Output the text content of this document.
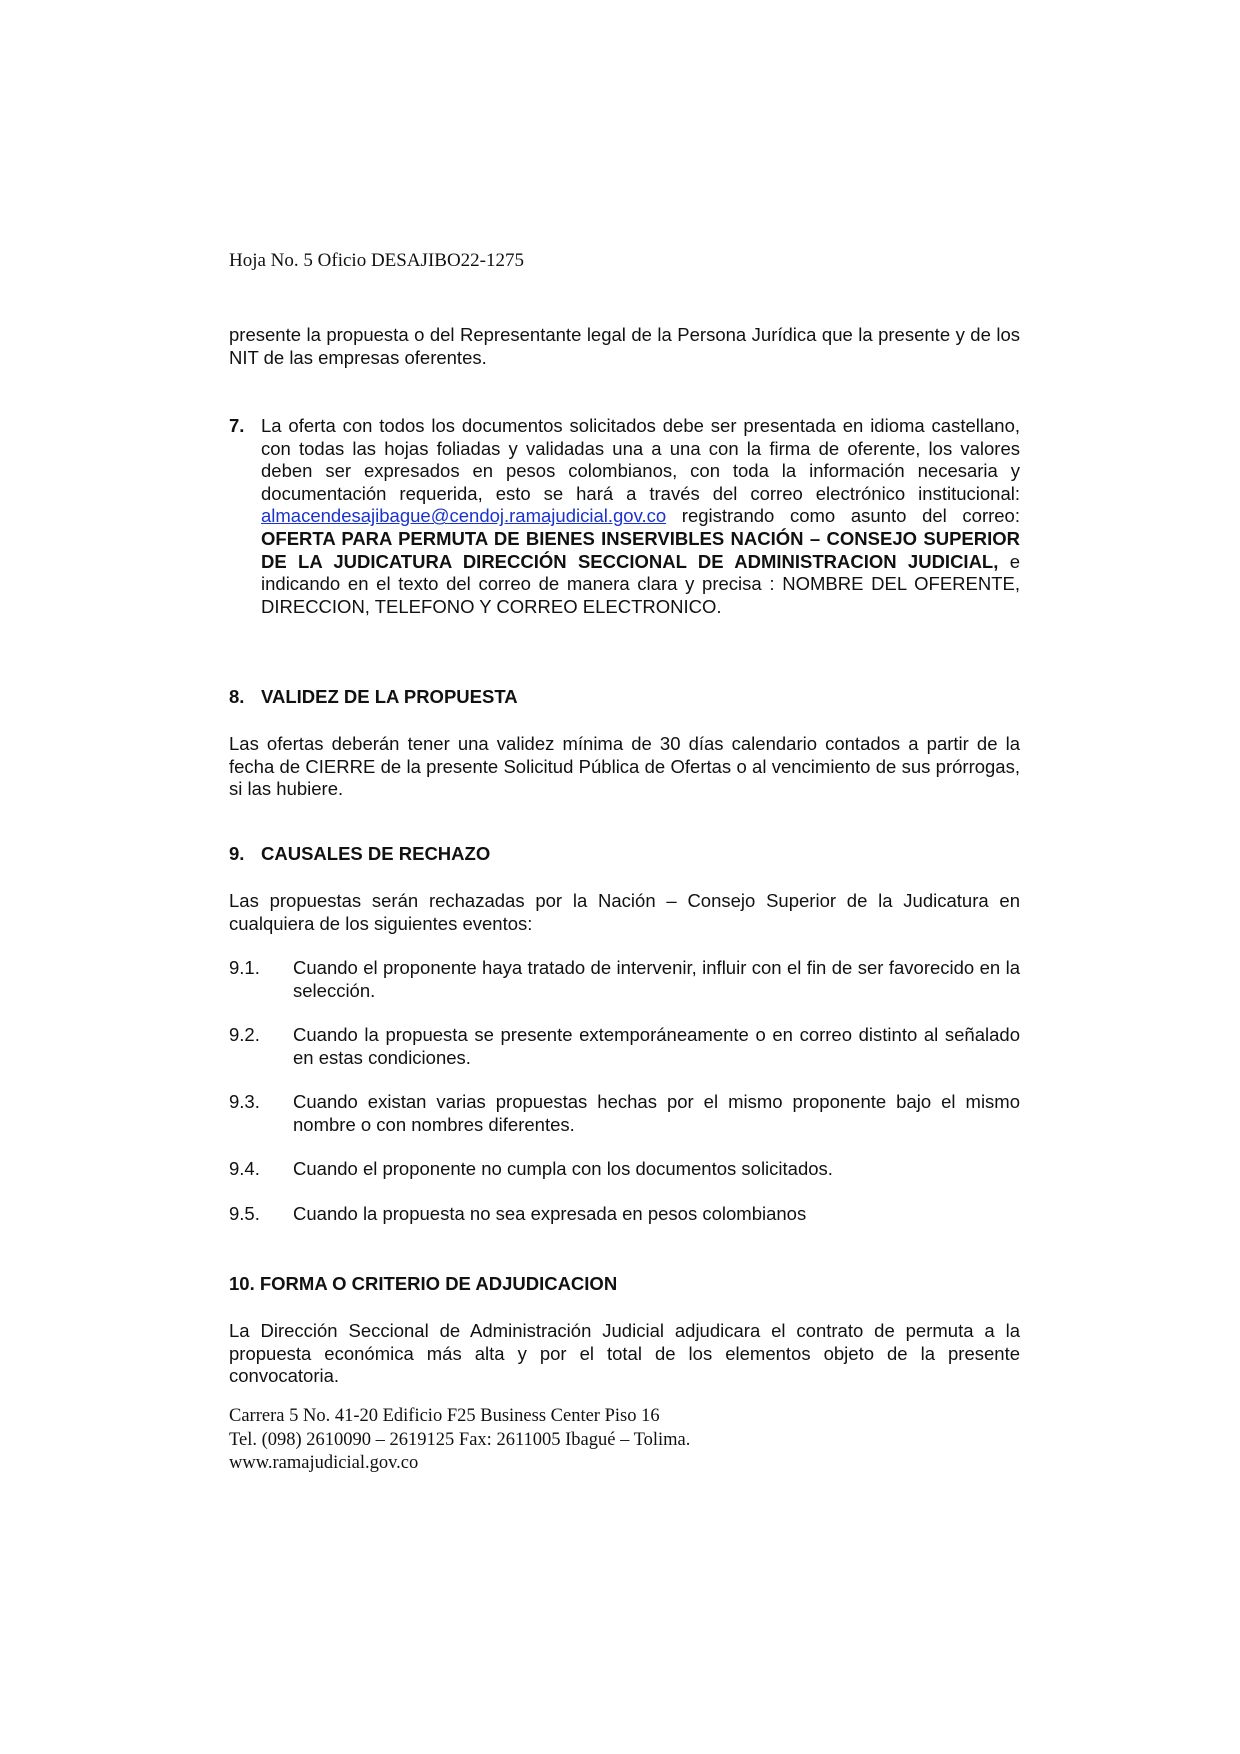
Hoja No. 5 Oficio DESAJIBO22-1275
presente la propuesta o del Representante legal de la Persona Jurídica que la presente y de los NIT de las empresas oferentes.
7. La oferta con todos los documentos solicitados debe ser presentada en idioma castellano, con todas las hojas foliadas y validadas una a una con la firma de oferente, los valores deben ser expresados en pesos colombianos, con toda la información necesaria y documentación requerida, esto se hará a través del correo electrónico institucional: almacendesajibague@cendoj.ramajudicial.gov.co registrando como asunto del correo: OFERTA PARA PERMUTA DE BIENES INSERVIBLES NACIÓN – CONSEJO SUPERIOR DE LA JUDICATURA DIRECCIÓN SECCIONAL DE ADMINISTRACION JUDICIAL, e indicando en el texto del correo de manera clara y precisa : NOMBRE DEL OFERENTE, DIRECCION, TELEFONO Y CORREO ELECTRONICO.
8. VALIDEZ DE LA PROPUESTA
Las ofertas deberán tener una validez mínima de 30 días calendario contados a partir de la fecha de CIERRE de la presente Solicitud Pública de Ofertas o al vencimiento de sus prórrogas, si las hubiere.
9. CAUSALES DE RECHAZO
Las propuestas serán rechazadas por la Nación – Consejo Superior de la Judicatura en cualquiera de los siguientes eventos:
9.1. Cuando el proponente haya tratado de intervenir, influir con el fin de ser favorecido en la selección.
9.2. Cuando la propuesta se presente extemporáneamente o en correo distinto al señalado en estas condiciones.
9.3. Cuando existan varias propuestas hechas por el mismo proponente bajo el mismo nombre o con nombres diferentes.
9.4. Cuando el proponente no cumpla con los documentos solicitados.
9.5. Cuando la propuesta no sea expresada en pesos colombianos
10. FORMA O CRITERIO DE ADJUDICACION
La Dirección Seccional de Administración Judicial adjudicara el contrato de permuta a la propuesta económica más alta y por el total de los elementos objeto de la presente convocatoria.
Carrera 5 No. 41-20 Edificio F25 Business Center Piso 16
Tel. (098) 2610090 – 2619125 Fax: 2611005 Ibagué – Tolima.
www.ramajudicial.gov.co
